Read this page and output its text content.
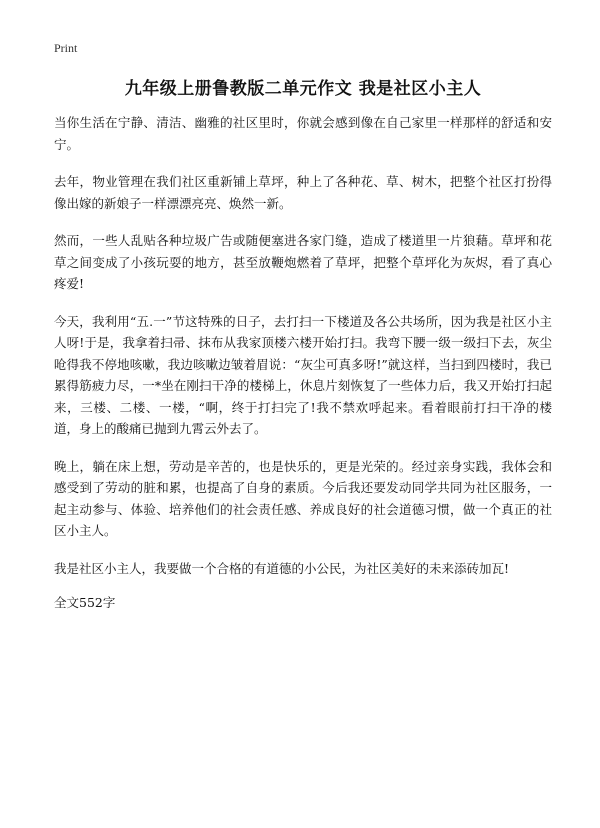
Print
九年级上册鲁教版二单元作文 我是社区小主人

当你生活在宁静、清洁、幽雅的社区里时，你就会感到像在自己家里一样那样的舒适和安宁。

去年，物业管理在我们社区重新铺上草坪，种上了各种花、草、树木，把整个社区打扮得像出嫁的新娘子一样漂漂亮亮、焕然一新。

然而，一些人乱贴各种垃圾广告或随便塞进各家门缝，造成了楼道里一片狼藉。草坪和花草之间变成了小孩玩耍的地方，甚至放鞭炮燃着了草坪，把整个草坪化为灰烬，看了真心疼爱!

今天，我利用“五.一”节这特殊的日子，去打扫一下楼道及各公共场所，因为我是社区小主人呀!于是，我拿着扫帚、抹布从我家顶楼六楼开始打扫。我弯下腰一级一级扫下去，灰尘呛得我不停地咳嗽，我边咳嗽边皱着眉说：“灰尘可真多呀!”就这样，当扫到四楼时，我已累得筋疲力尽，一*坐在刚扫干净的楼梯上，休息片刻恢复了一些体力后，我又开始打扫起来，三楼、二楼、一楼，“啊，终于打扫完了!我不禁欢呼起来。看着眼前打扫干净的楼道，身上的酸痛已抛到九霄云外去了。

晚上，躺在床上想，劳动是辛苦的，也是快乐的，更是光荣的。经过亲身实践，我体会和感受到了劳动的脏和累，也提高了自身的素质。今后我还要发动同学共同为社区服务，一起主动参与、体验、培养他们的社会责任感、养成良好的社会道德习惯，做一个真正的社区小主人。

我是社区小主人，我要做一个合格的有道德的小公民，为社区美好的未来添砖加瓦!

全文552字
